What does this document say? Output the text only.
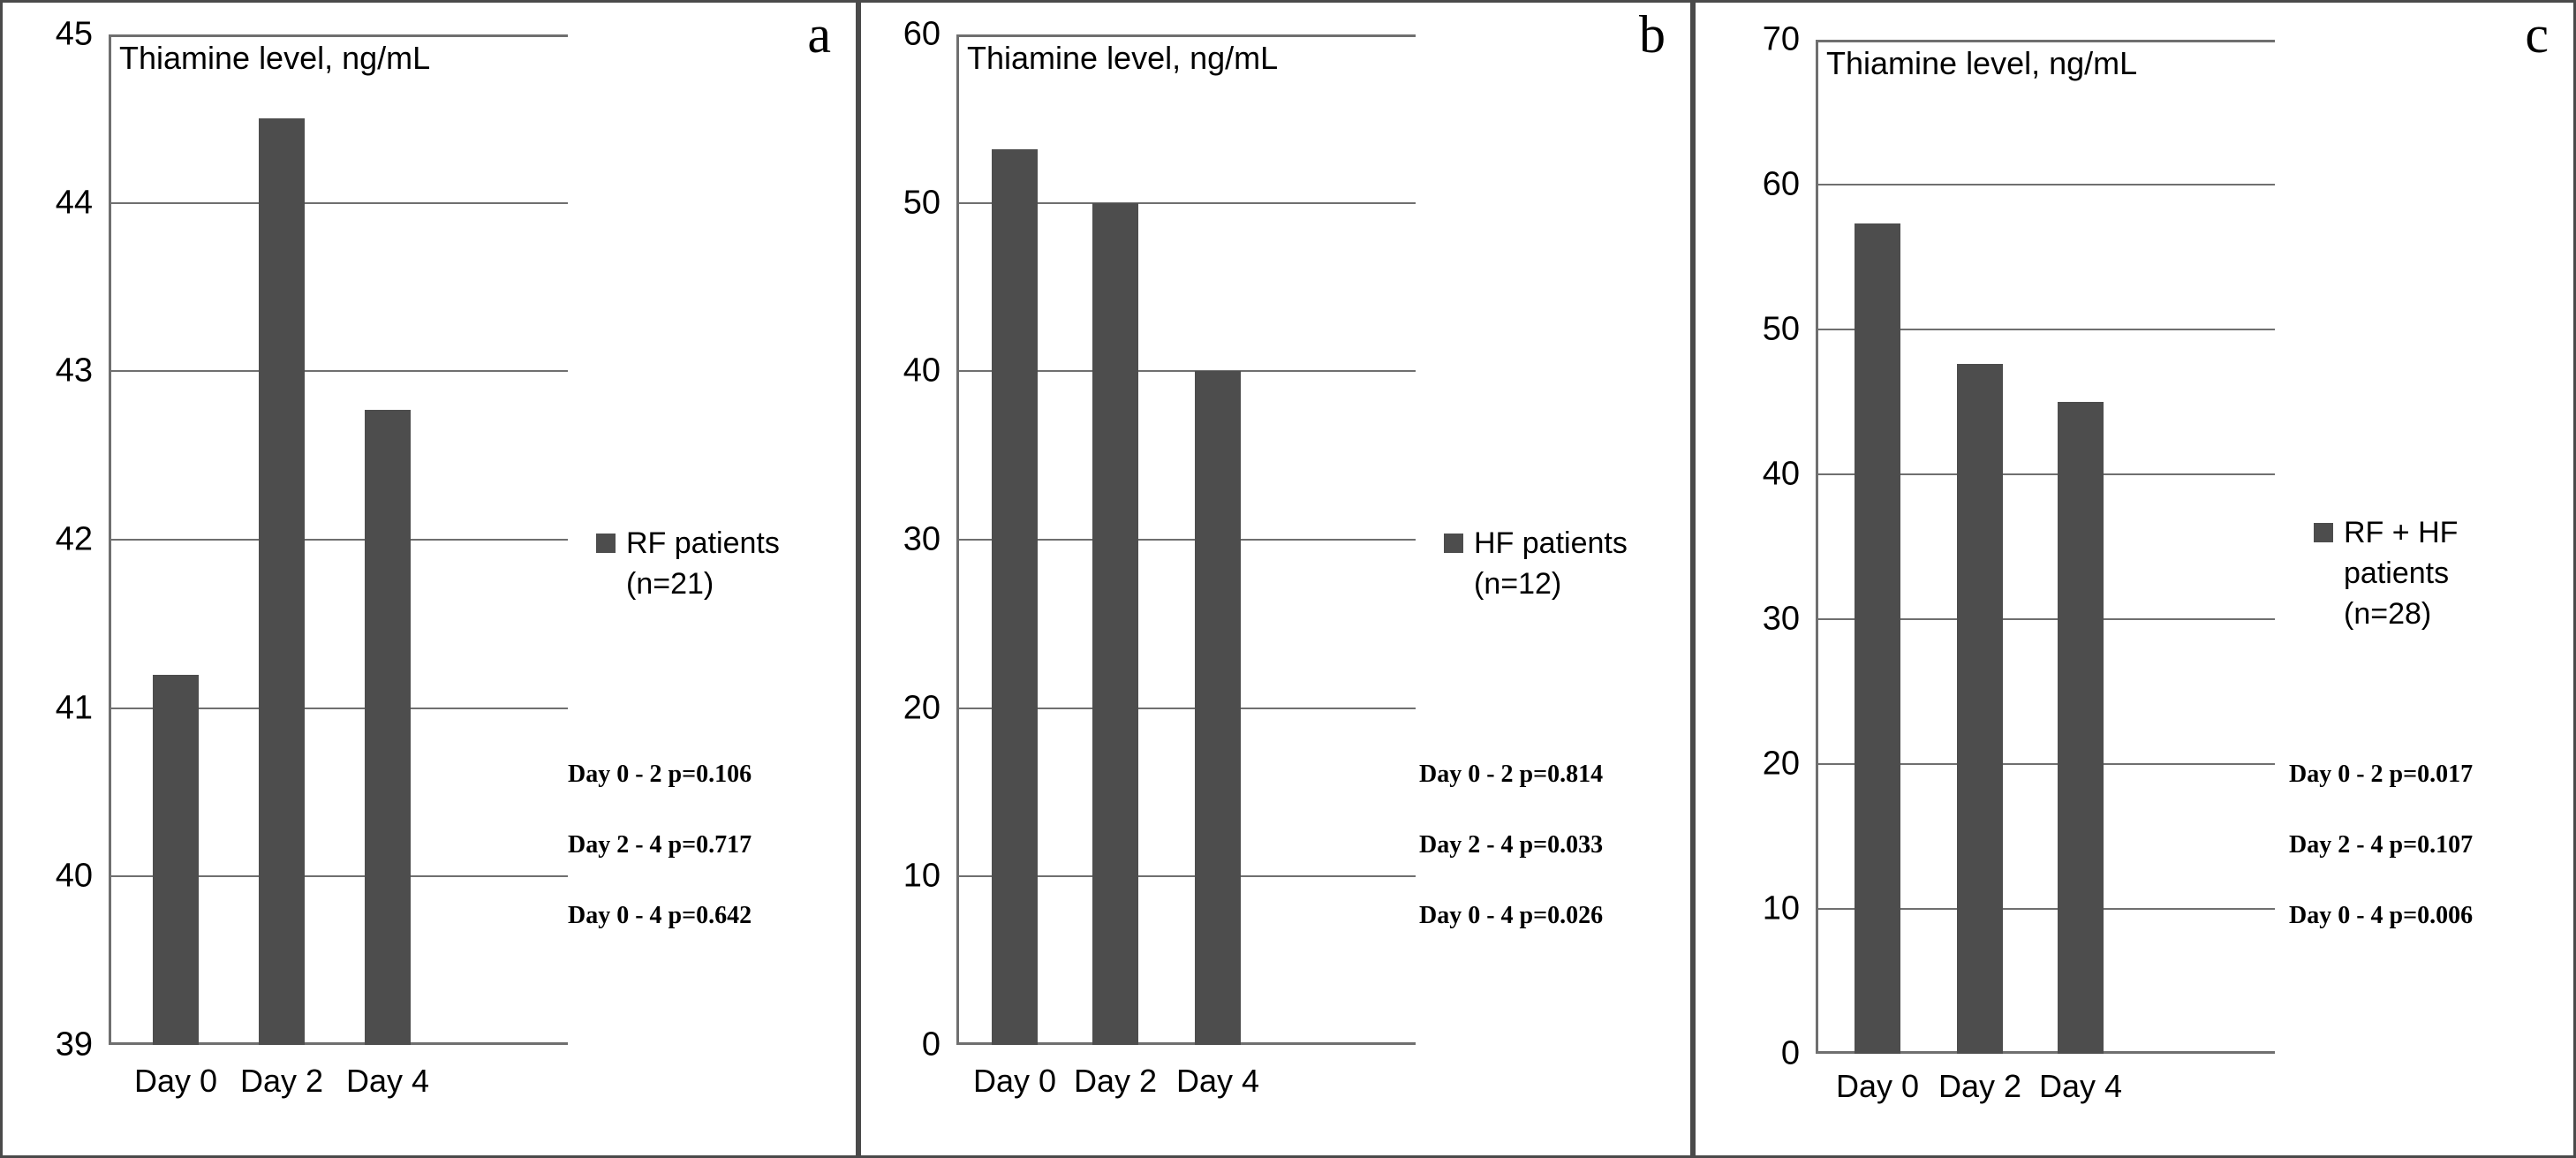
a
Thiamine level, ng/mL
39
40
41
42
43
44
45
Day 0 Day 2 Day 4
RF patients
(n=21)
Day 0 - 2 p=0.106
Day 2 - 4 p=0.717
Day 0 - 4 p=0.642
b
Thiamine level, ng/mL
0
10
20
30
40
50
60
Day 0 Day 2 Day 4
HF patients
(n=12)
Day 0 - 2 p=0.814
Day 2 - 4 p=0.033
Day 0 - 4 p=0.026
c
Thiamine level, ng/mL
0
10
20
30
40
50
60
70
Day 0 Day 2 Day 4
RF + HF
patients
(n=28)
Day 0 - 2 p=0.017
Day 2 - 4 p=0.107
Day 0 - 4 p=0.006
